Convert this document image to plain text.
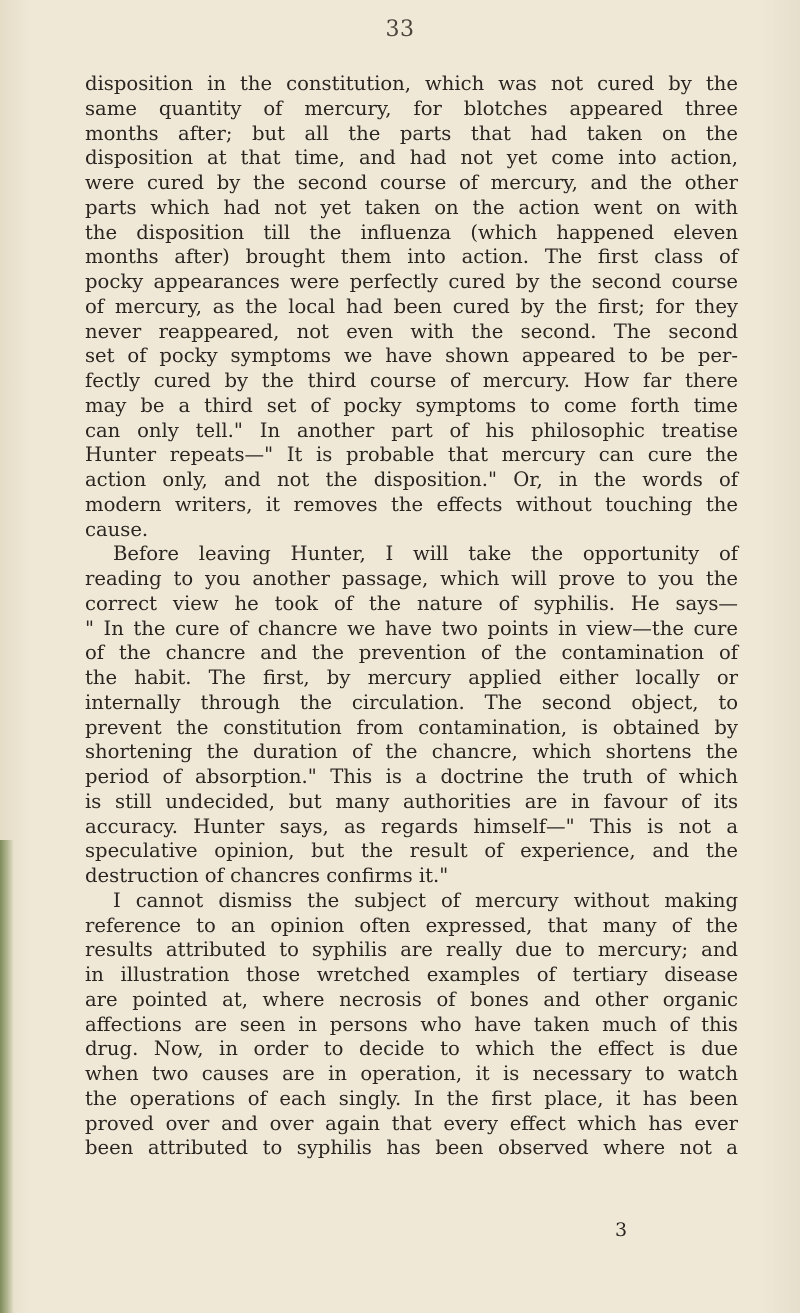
33
disposition in the constitution, which was not cured by the
same quantity of mercury, for blotches appeared three
months after; but all the parts that had taken on the
disposition at that time, and had not yet come into action,
were cured by the second course of mercury, and the other
parts which had not yet taken on the action went on with
the disposition till the influenza (which happened eleven
months after) brought them into action. The first class of
pocky appearances were perfectly cured by the second course
of mercury, as the local had been cured by the first; for they
never reappeared, not even with the second. The second
set of pocky symptoms we have shown appeared to be per-
fectly cured by the third course of mercury. How far there
may be a third set of pocky symptoms to come forth time
can only tell." In another part of his philosophic treatise
Hunter repeats—" It is probable that mercury can cure the
action only, and not the disposition." Or, in the words of
modern writers, it removes the effects without touching the
cause.
Before leaving Hunter, I will take the opportunity of
reading to you another passage, which will prove to you the
correct view he took of the nature of syphilis. He says—
" In the cure of chancre we have two points in view—the cure
of the chancre and the prevention of the contamination of
the habit. The first, by mercury applied either locally or
internally through the circulation. The second object, to
prevent the constitution from contamination, is obtained by
shortening the duration of the chancre, which shortens the
period of absorption." This is a doctrine the truth of which
is still undecided, but many authorities are in favour of its
accuracy. Hunter says, as regards himself—" This is not a
speculative opinion, but the result of experience, and the
destruction of chancres confirms it."
I cannot dismiss the subject of mercury without making
reference to an opinion often expressed, that many of the
results attributed to syphilis are really due to mercury; and
in illustration those wretched examples of tertiary disease
are pointed at, where necrosis of bones and other organic
affections are seen in persons who have taken much of this
drug. Now, in order to decide to which the effect is due
when two causes are in operation, it is necessary to watch
the operations of each singly. In the first place, it has been
proved over and over again that every effect which has ever
been attributed to syphilis has been observed where not a
3
